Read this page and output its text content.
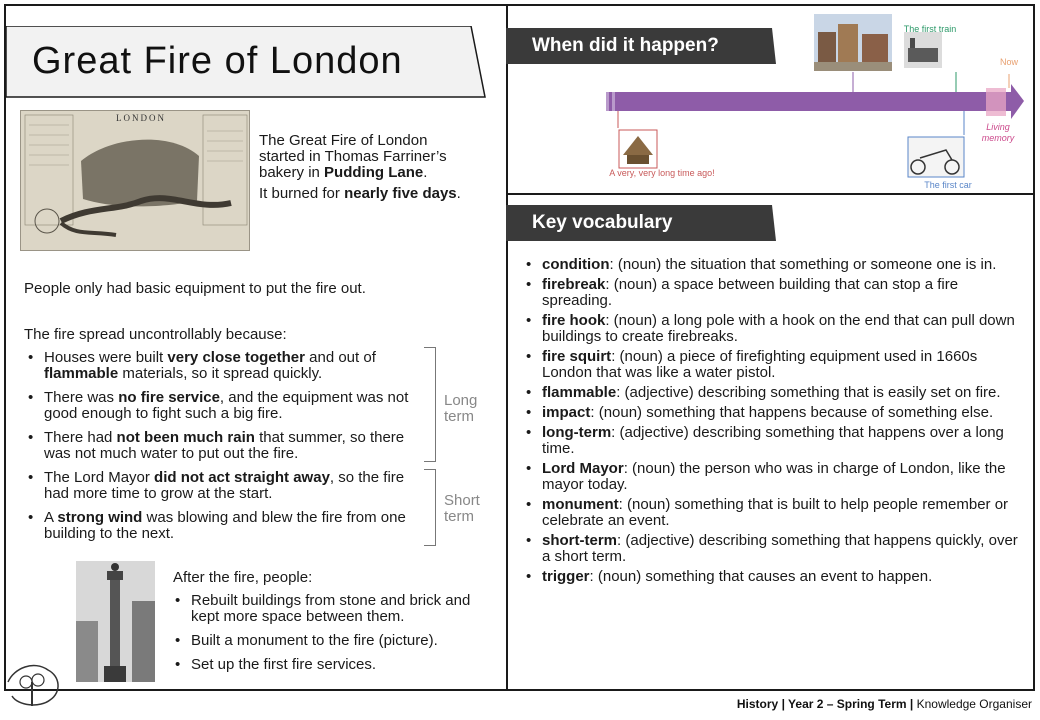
Great Fire of London
LONDON
The Great Fire of London
started in Thomas Farriner’s
bakery in Pudding Lane.
It burned for nearly five days.
People only had basic equipment to put the fire out.
The fire spread uncontrollably because:
• Houses were built very close together and out of flammable materials, so it spread quickly.
• There was no fire service, and the equipment was not good enough to fight such a big fire.
• There had not been much rain that summer, so there was not much water to put out the fire.
• The Lord Mayor did not act straight away, so the fire had more time to grow at the start.
• A strong wind was blowing and blew the fire from one building to the next.
Long
term
Short
term
After the fire, people:
• Rebuilt buildings from stone and brick and kept more space between them.
• Built a monument to the fire (picture).
• Set up the first fire services.
When did it happen?
A very, very long time ago!
The first train
Now
Living
memory
The first car
Key vocabulary
• condition: (noun) the situation that something or someone one is in.
• firebreak: (noun) a space between building that can stop a fire spreading.
• fire hook: (noun) a long pole with a hook on the end that can pull down buildings to create firebreaks.
• fire squirt: (noun) a piece of firefighting equipment used in 1660s London that was like a water pistol.
• flammable: (adjective) describing something that is easily set on fire.
• impact: (noun) something that happens because of something else.
• long-term: (adjective) describing something that happens over a long time.
• Lord Mayor: (noun) the person who was in charge of London, like the mayor today.
• monument: (noun) something that is built to help people remember or celebrate an event.
• short-term: (adjective) describing something that happens quickly, over a short term.
• trigger: (noun) something that causes an event to happen.
History | Year 2 – Spring Term | Knowledge Organiser
